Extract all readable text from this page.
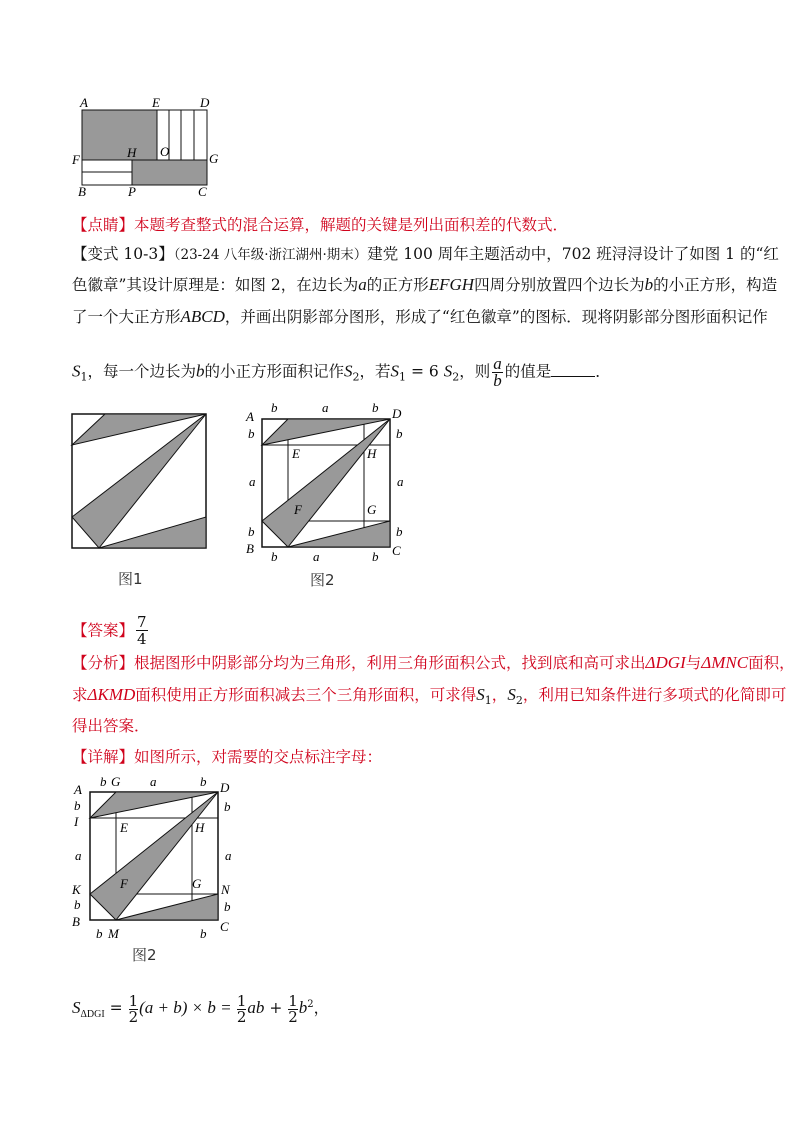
A	E	D
F	H O	G
B	P	C
【点睛】本题考查整式的混合运算，解题的关键是列出面积差的代数式．
【变式 10-3】（23-24 八年级·浙江湖州·期末）建党 100 周年主题活动中，702 班浔浔设计了如图 1 的“红
色徽章”其设计原理是：如图 2，在边长为a的正方形EFGH四周分别放置四个边长为b的小正方形，构造
了一个大正方形ABCD，并画出阴影部分图形，形成了“红色徽章”的图标．现将阴影部分图形面积记作
$S_1$，每一个边长为b的小正方形面积记作$S_2$，若$S_1 = 6$ $S_2$，则 $\frac{a}{b}$ 的值是	．
图1
A
b	a	b D
b	b
E	H
a	a
F	G
b	b
B	C
b	a	b
图2
【答案】 $\frac{7}{4}$
【分析】根据图形中阴影部分均为三角形，利用三角形面积公式，找到底和高可求出ΔDGI与ΔMNC面积，
求ΔKMD面积使用正方形面积减去三个三角形面积，可求得$S_1$，$S_2$，利用已知条件进行多项式的化简即可
得出答案．
【详解】如图所示，对需要的交点标注字母：
A
b G a	b D
b	b
I	E	H
a	a
K	F	G N
b	b
B	C
b M	b
图2
$S_{\Delta DGI} = \frac{1}{2} (a + b) \times b = \frac{1}{2}$ ab + $\frac{1}{2} b^2$，
